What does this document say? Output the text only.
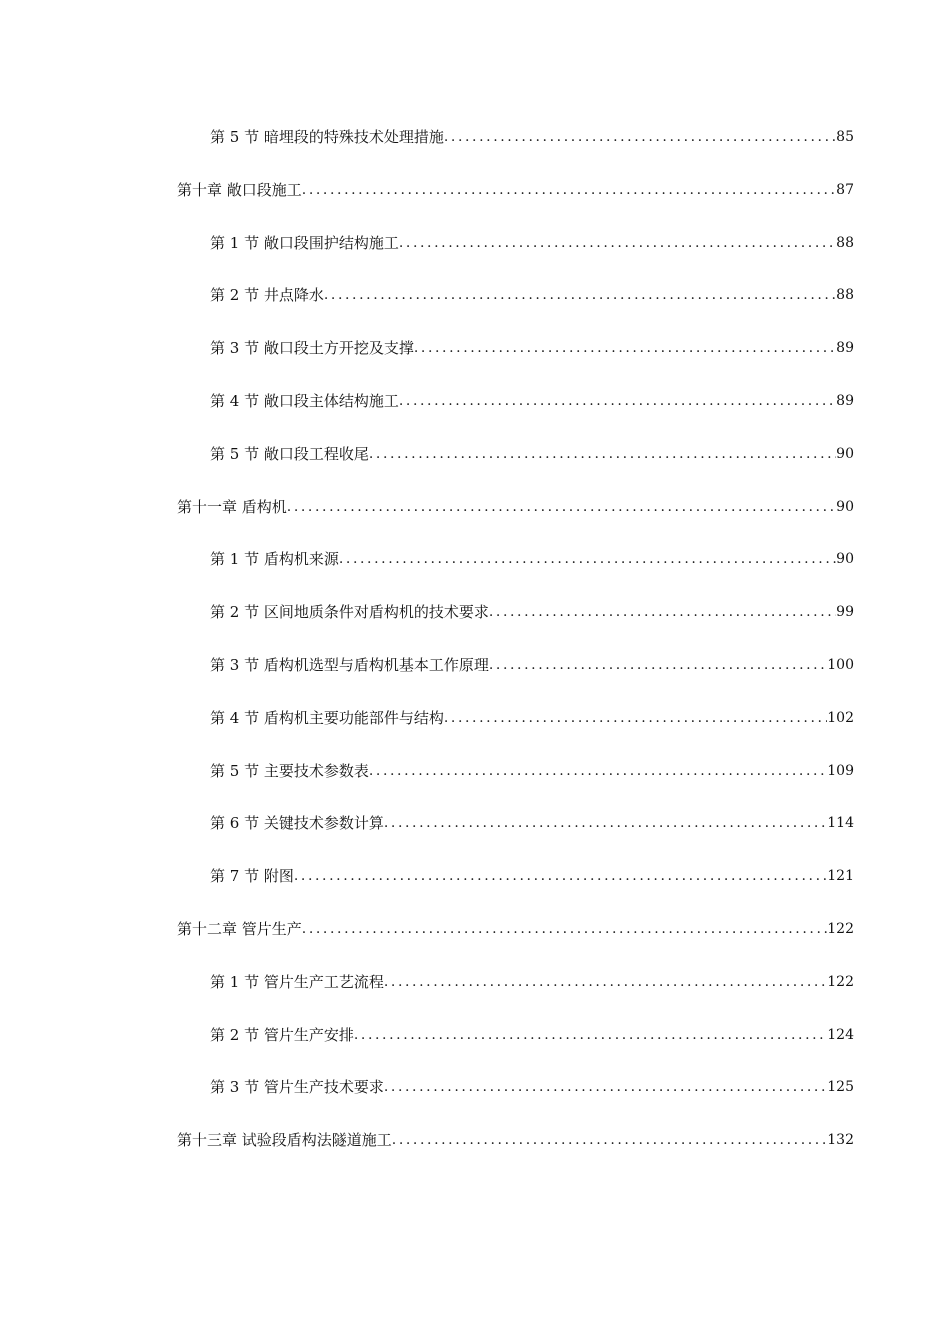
第 5 节 暗埋段的特殊技术处理措施 .....	85
第十章 敞口段施工 .....	87
第 1 节 敞口段围护结构施工 .....	88
第 2 节 井点降水 .....	88
第 3 节 敞口段土方开挖及支撑 .....	89
第 4 节 敞口段主体结构施工 .....	89
第 5 节 敞口段工程收尾 .....	90
第十一章 盾构机 .....	90
第 1 节 盾构机来源 .....	90
第 2 节 区间地质条件对盾构机的技术要求 .....	99
第 3 节 盾构机选型与盾构机基本工作原理 .....	100
第 4 节 盾构机主要功能部件与结构 .....	102
第 5 节 主要技术参数表 .....	109
第 6 节 关键技术参数计算 .....	114
第 7 节 附图 .....	121
第十二章 管片生产 .....	122
第 1 节 管片生产工艺流程 .....	122
第 2 节 管片生产安排 .....	124
第 3 节 管片生产技术要求 .....	125
第十三章 试验段盾构法隧道施工 .....	132
